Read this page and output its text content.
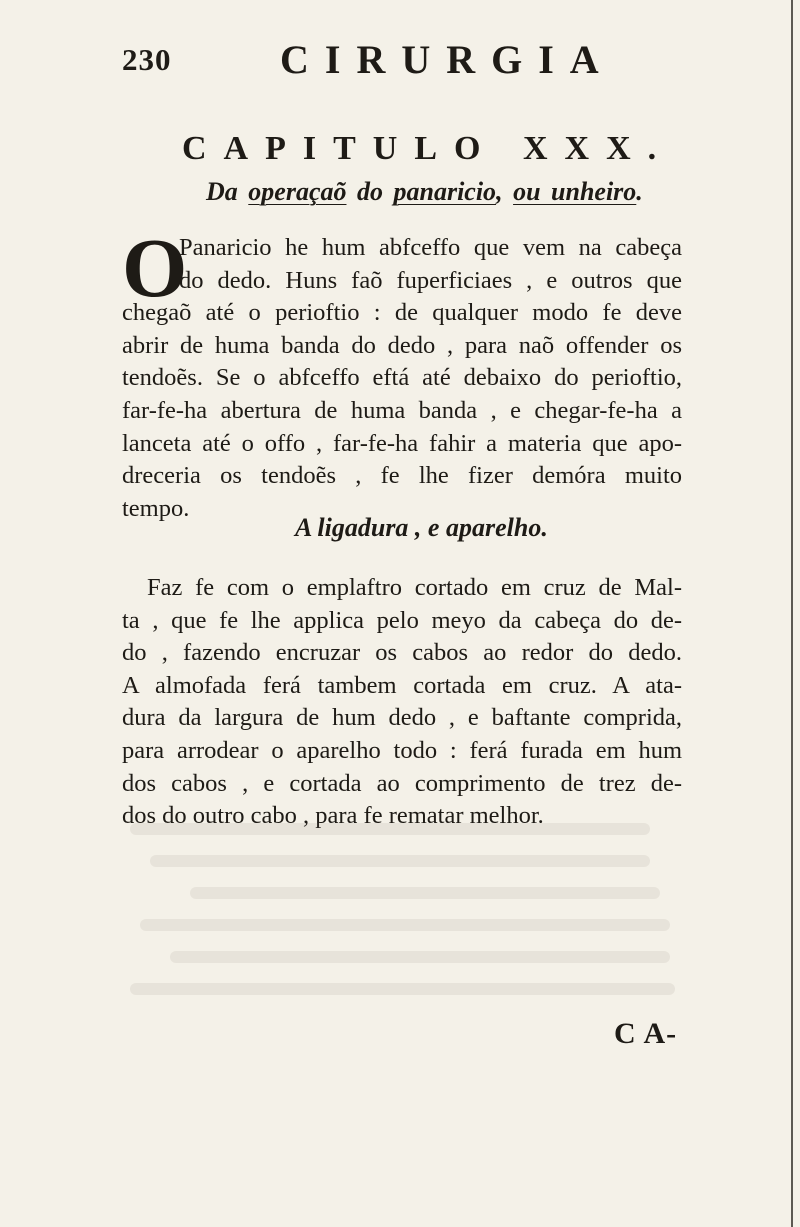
230	CIRURGIA
CAPITULO XXX.
Da operaçaõ do panaricio, ou unheiro.
O
Panaricio he hum abfceffo que vem na cabeça
do dedo. Huns faõ fuperficiaes , e outros que
chegaõ até o perioftio : de qualquer modo fe deve
abrir de huma banda do dedo , para naõ offender os
tendoẽs. Se o abfceffo eftá até debaixo do perioftio,
far-fe-ha abertura de huma banda , e chegar-fe-ha a
lanceta até o offo , far-fe-ha fahir a materia que apo-
dreceria os tendoẽs , fe lhe fizer demóra muito
tempo.
A ligadura , e aparelho.
Faz fe com o emplaftro cortado em cruz de Mal-
ta , que fe lhe applica pelo meyo da cabeça do de-
do , fazendo encruzar os cabos ao redor do dedo.
A almofada ferá tambem cortada em cruz. A ata-
dura da largura de hum dedo , e baftante comprida,
para arrodear o aparelho todo : ferá furada em hum
dos cabos , e cortada ao comprimento de trez de-
dos do outro cabo , para fe rematar melhor.
C A-
